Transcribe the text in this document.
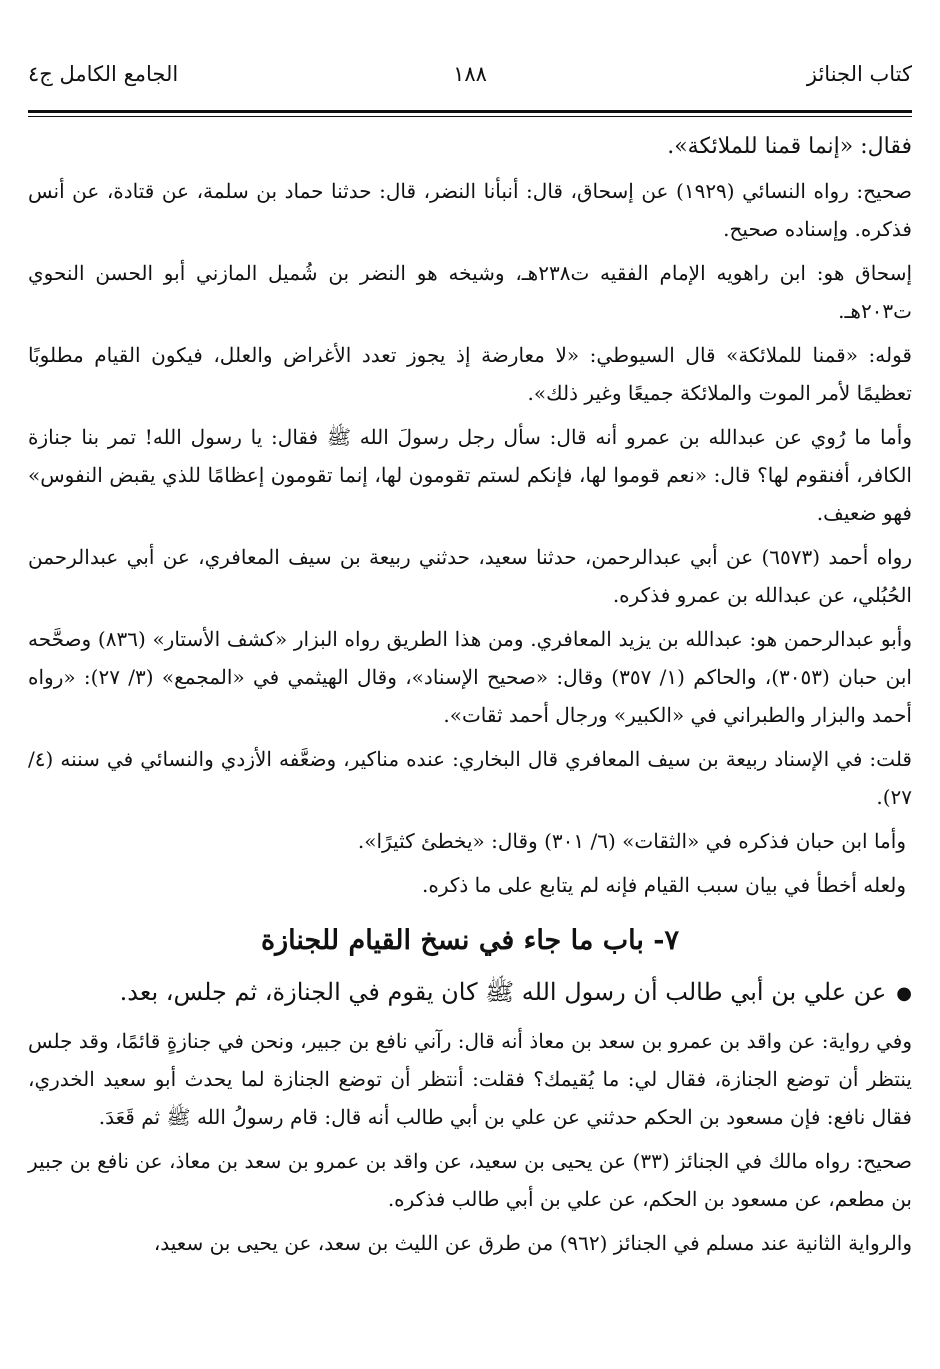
كتاب الجنائز
١٨٨
الجامع الكامل ج٤

فقال: «إنما قمنا للملائكة».

صحيح: رواه النسائي (١٩٢٩) عن إسحاق، قال: أنبأنا النضر، قال: حدثنا حماد بن سلمة، عن قتادة، عن أنس فذكره. وإسناده صحيح.

إسحاق هو: ابن راهويه الإمام الفقيه ت٢٣٨هـ، وشيخه هو النضر بن شُميل المازني أبو الحسن النحوي ت٢٠٣هـ.

قوله: «قمنا للملائكة» قال السيوطي: «لا معارضة إذ يجوز تعدد الأغراض والعلل، فيكون القيام مطلوبًا تعظيمًا لأمر الموت والملائكة جميعًا وغير ذلك».

وأما ما رُوي عن عبدالله بن عمرو أنه قال: سأل رجل رسولَ الله ﷺ فقال: يا رسول الله! تمر بنا جنازة الكافر، أفنقوم لها؟ قال: «نعم قوموا لها، فإنكم لستم تقومون لها، إنما تقومون إعظامًا للذي يقبض النفوس» فهو ضعيف.

رواه أحمد (٦٥٧٣) عن أبي عبدالرحمن، حدثنا سعيد، حدثني ربيعة بن سيف المعافري، عن أبي عبدالرحمن الحُبُلي، عن عبدالله بن عمرو فذكره.

وأبو عبدالرحمن هو: عبدالله بن يزيد المعافري. ومن هذا الطريق رواه البزار «كشف الأستار» (٨٣٦) وصحَّحه ابن حبان (٣٠٥٣)، والحاكم (١/ ٣٥٧) وقال: «صحيح الإسناد»، وقال الهيثمي في «المجمع» (٣/ ٢٧): «رواه أحمد والبزار والطبراني في «الكبير» ورجال أحمد ثقات».

قلت: في الإسناد ربيعة بن سيف المعافري قال البخاري: عنده مناكير، وضعَّفه الأزدي والنسائي في سننه (٤/ ٢٧).

وأما ابن حبان فذكره في «الثقات» (٦/ ٣٠١) وقال: «يخطئ كثيرًا».

ولعله أخطأ في بيان سبب القيام فإنه لم يتابع على ما ذكره.

٧- باب ما جاء في نسخ القيام للجنازة

●عن علي بن أبي طالب أن رسول الله ﷺ كان يقوم في الجنازة، ثم جلس، بعد.

وفي رواية: عن واقد بن عمرو بن سعد بن معاذ أنه قال: رآني نافع بن جبير، ونحن في جنازةٍ قائمًا، وقد جلس ينتظر أن توضع الجنازة، فقال لي: ما يُقيمك؟ فقلت: أنتظر أن توضع الجنازة لما يحدث أبو سعيد الخدري، فقال نافع: فإن مسعود بن الحكم حدثني عن علي بن أبي طالب أنه قال: قام رسولُ الله ﷺ ثم قَعَدَ.

صحيح: رواه مالك في الجنائز (٣٣) عن يحيى بن سعيد، عن واقد بن عمرو بن سعد بن معاذ، عن نافع بن جبير بن مطعم، عن مسعود بن الحكم، عن علي بن أبي طالب فذكره.

والرواية الثانية عند مسلم في الجنائز (٩٦٢) من طرق عن الليث بن سعد، عن يحيى بن سعيد،
